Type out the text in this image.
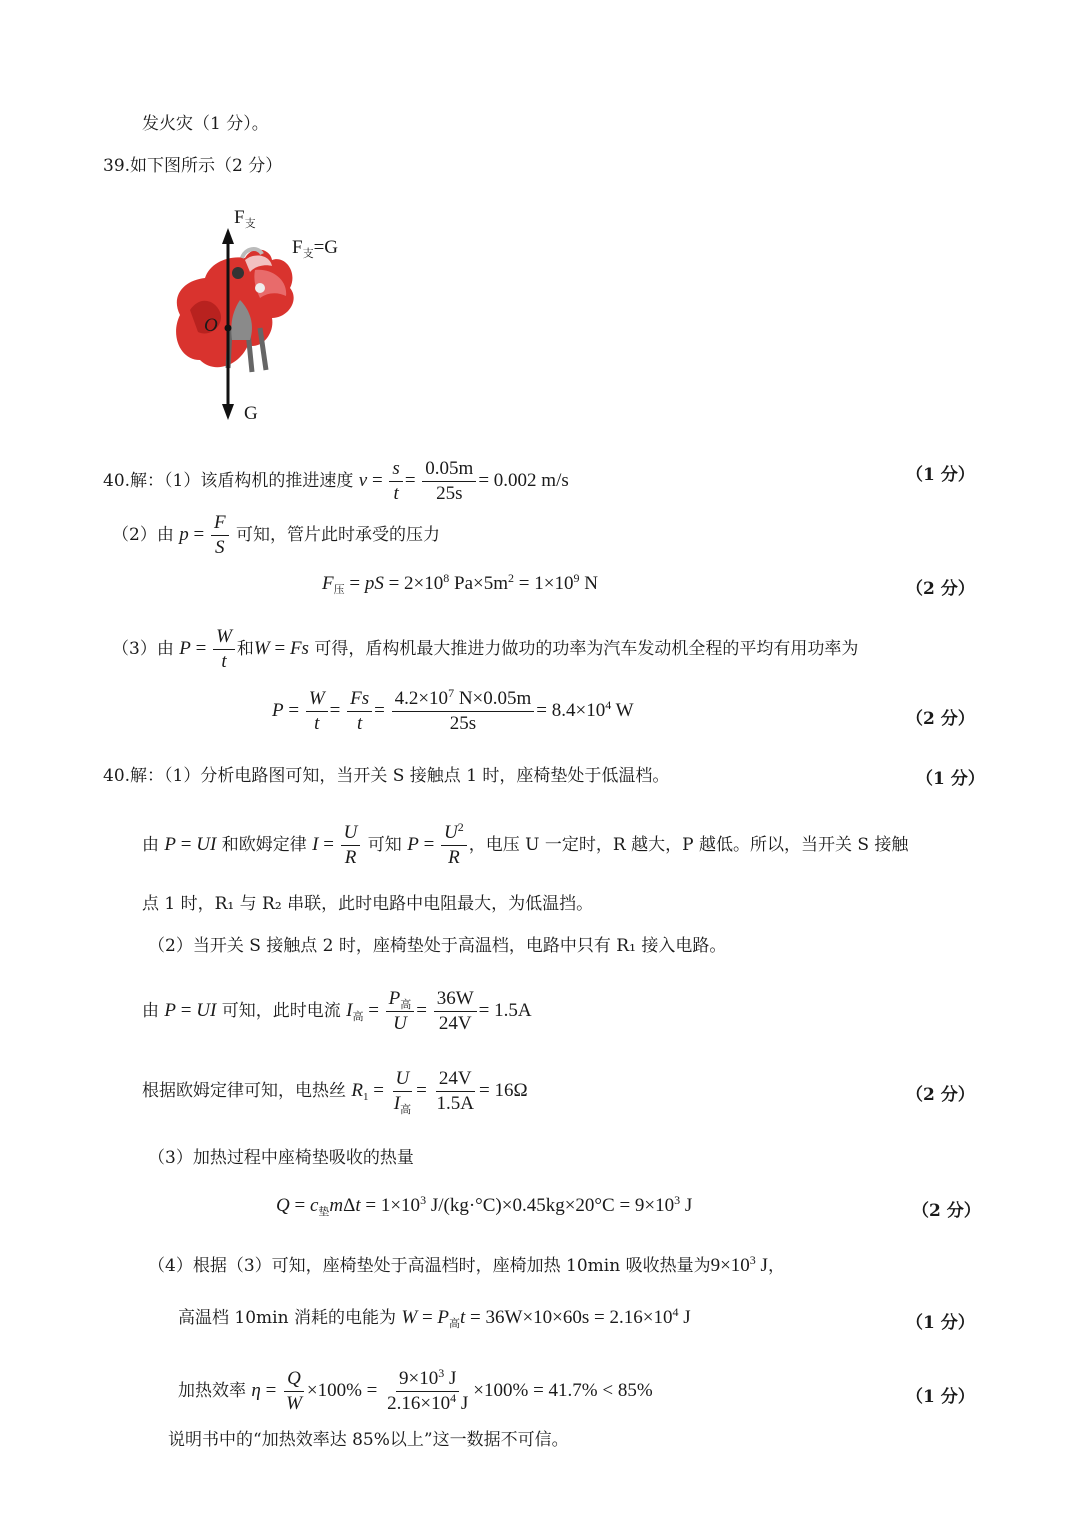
发火灾（1 分）。
39.如下图所示（2 分）
$F_支$
$F_支=G$
O
G
40.解：（1）该盾构机的推进速度 $v = \frac{s}{t} = \frac{0.05m}{25s} = 0.002$ m/s	（1 分）
（2）由 $p = \frac{F}{S}$ 可知，管片此时承受的压力
$F_压$ = pS = $2\times 10^8$ $Pa\times 5m^2 = 1\times 10^9$ N	（2 分）
（3）由 $P = \frac{W}{t}$ 和W = Fs 可得，盾构机最大推进力做功的功率为汽车发动机全程的平均有用功率为
$P = \frac{W}{t} = \frac{Fs}{t} = \frac{4.2\times 10^7 N\times 0.05m}{25s} = 8.4\times 10^4$ W	（2 分）
40.解：（1）分析电路图可知，当开关 S 接触点 1 时，座椅垫处于低温档。	（1 分）
由 P = UI 和欧姆定律 $I = \frac{U}{R}$ 可知 $P = \frac{U^2}{R}$ ，电压 U 一定时，R 越大，P 越低。所以，当开关 S 接触
点 1 时，R₁ 与 R₂ 串联，此时电路中电阻最大，为低温挡。
（2）当开关 S 接触点 2 时，座椅垫处于高温档，电路中只有 R₁ 接入电路。
由 P = UI 可知，此时电流 $I_高 = \frac{P_高}{U} = \frac{36W}{24V} = 1.5A$
根据欧姆定律可知，电热丝 $R_1 = \frac{U}{I_高} = \frac{24V}{1.5A} = 16\Omega$	（2 分）
（3）加热过程中座椅垫吸收的热量
$Q = c_垫m\Delta t = 1\times 10^3$ $J/(kg\cdot^\circ C)\times 0.45kg\times 20^\circ C = 9\times 10^3$ J	（2 分）
（4）根据（3）可知，座椅垫处于高温档时，座椅加热 10min 吸收热量为$9\times 10^3$ J，
高温档 10min 消耗的电能为 $W = P_高t = 36W\times 10\times 60s = 2.16\times 10^4$ J	（1 分）
加热效率 $\eta = \frac{Q}{W} \times 100\% = \frac{9\times 10^3 J}{2.16\times 10^4 J} \times 100\% = 41.7\% < 85\%$	（1 分）
说明书中的“加热效率达 85%以上”这一数据不可信。
